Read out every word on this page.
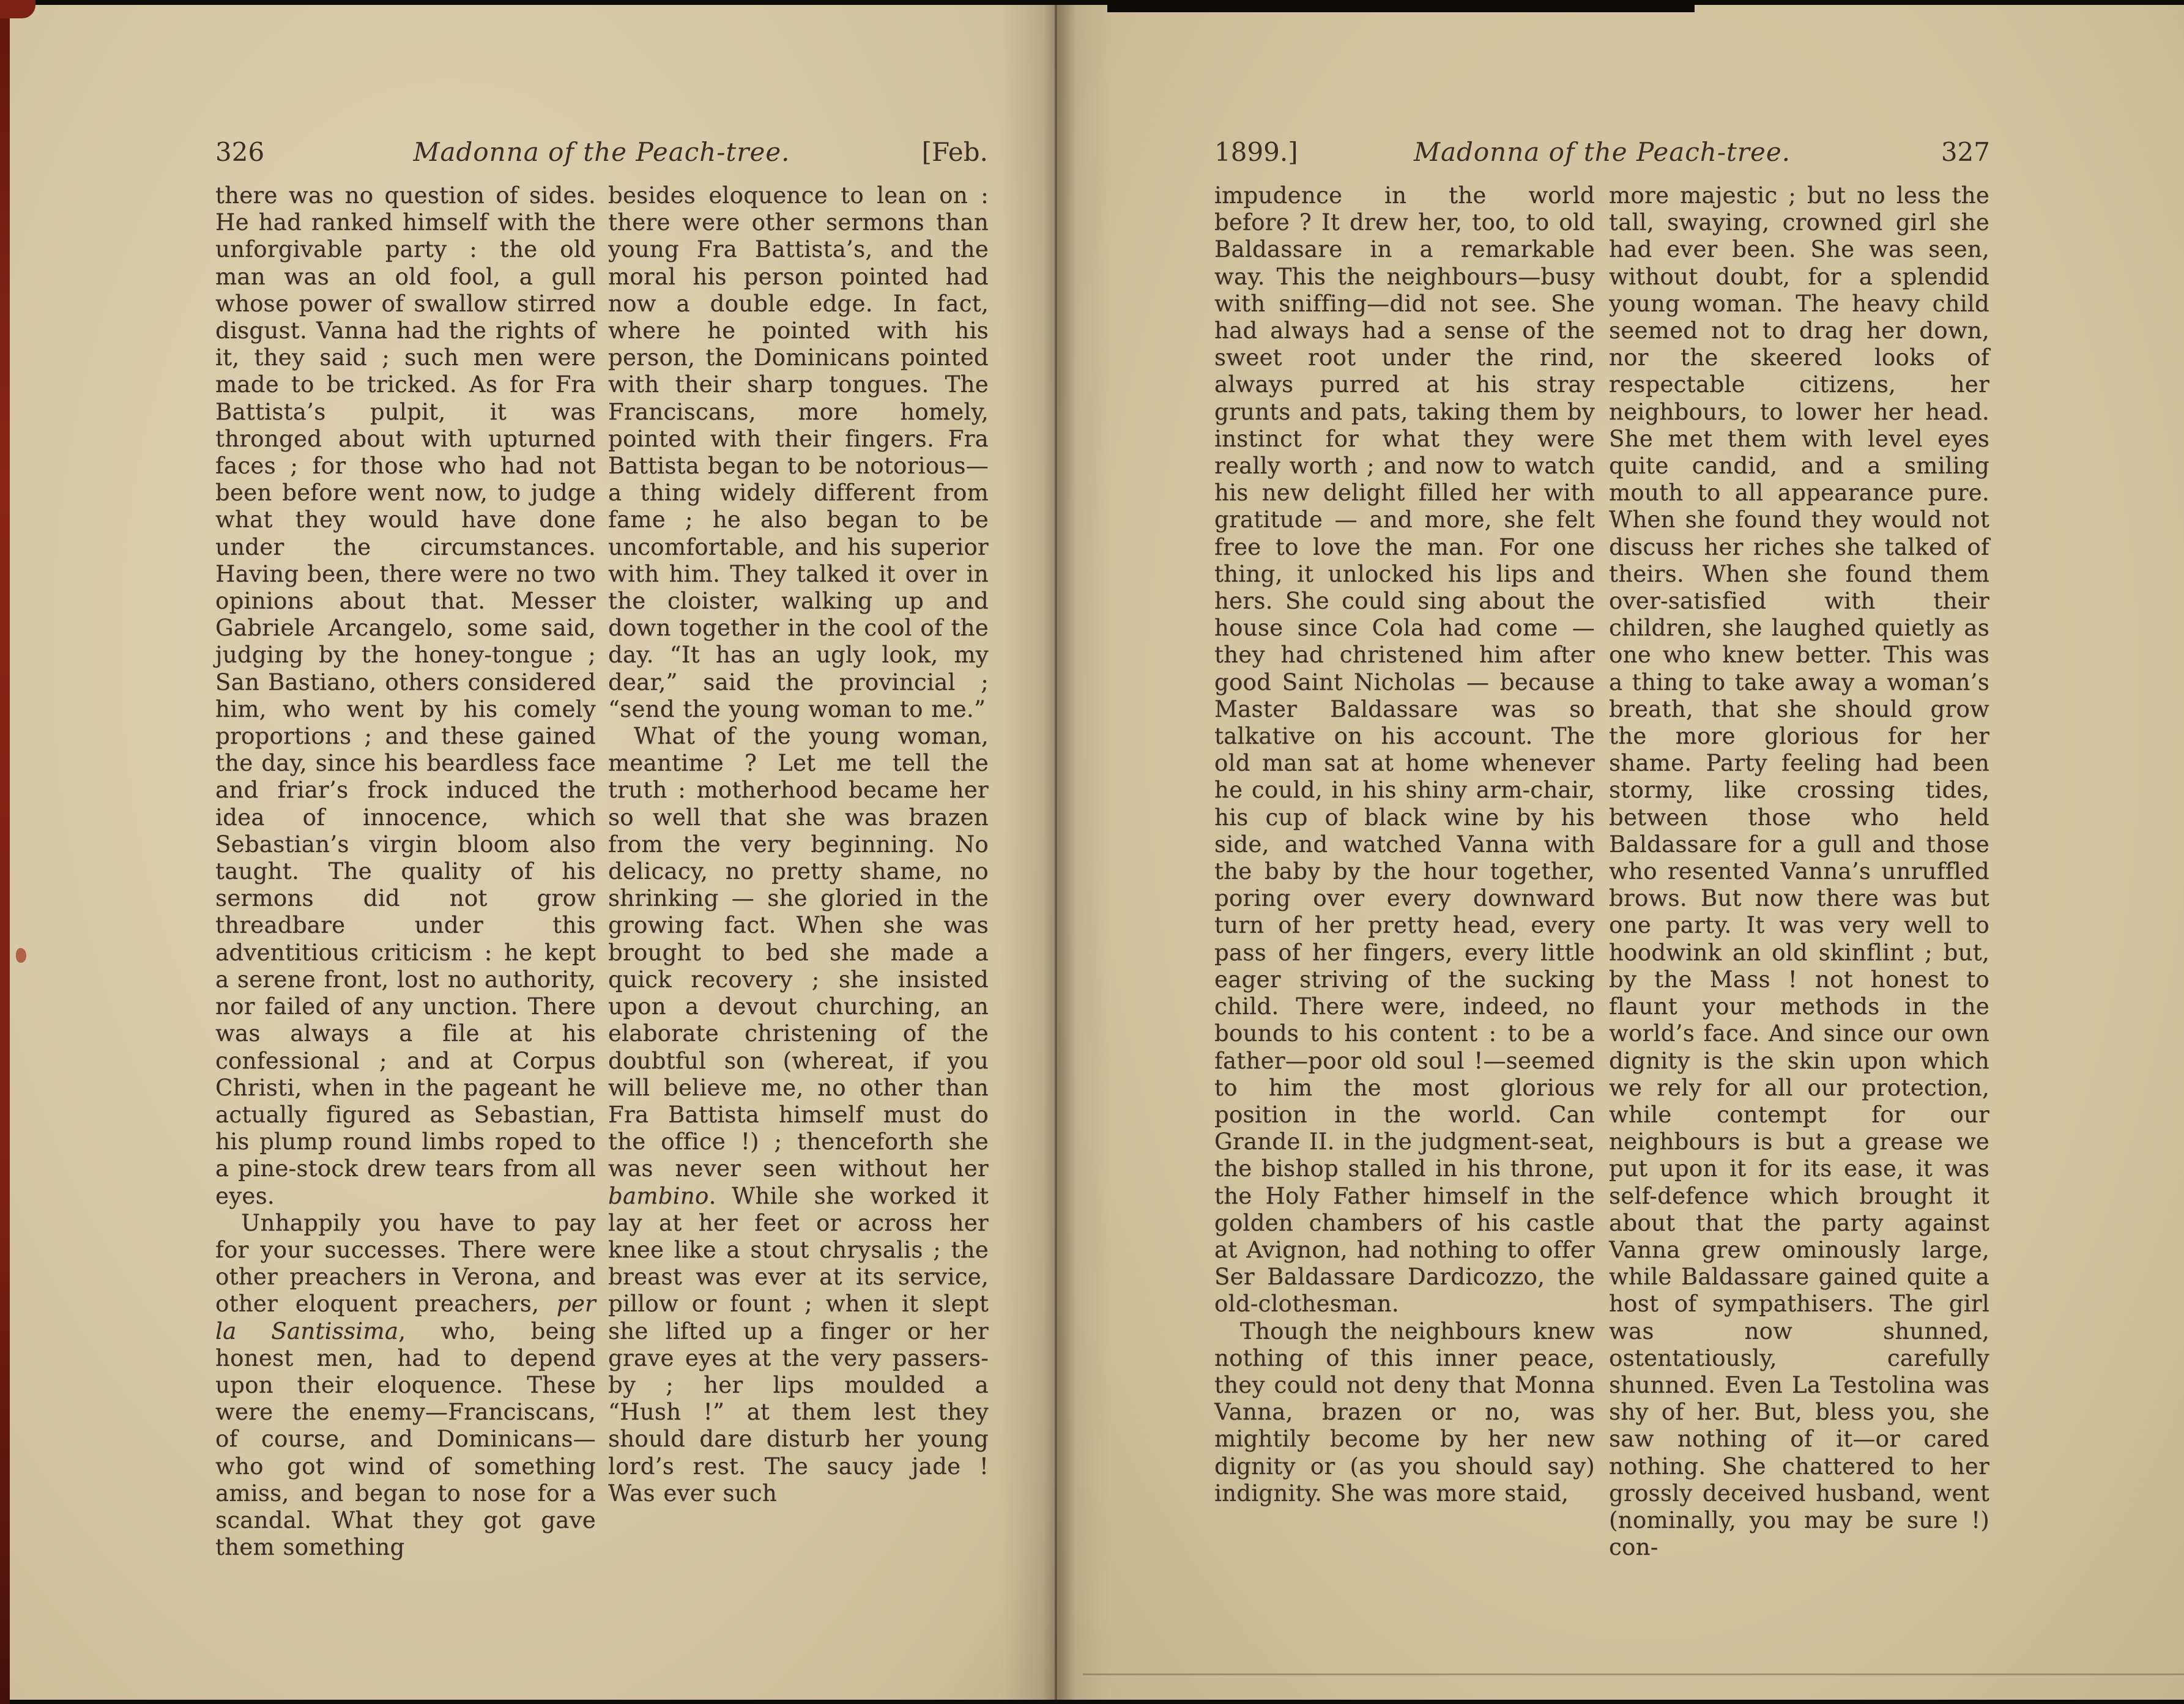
326	Madonna of the Peach-tree.	[Feb.	1899.]	Madonna of the Peach-tree.	327

there was no question of sides. He had ranked himself with the unforgivable party : the old man was an old fool, a gull whose power of swallow stirred disgust. Vanna had the rights of it, they said ; such men were made to be tricked. As for Fra Battista’s pulpit, it was thronged about with upturned faces ; for those who had not been before went now, to judge what they would have done under the circumstances. Having been, there were no two opinions about that. Messer Gabriele Arcangelo, some said, judging by the honey-tongue ; San Bastiano, others considered him, who went by his comely proportions ; and these gained the day, since his beardless face and friar’s frock induced the idea of innocence, which Sebastian’s virgin bloom also taught. The quality of his sermons did not grow threadbare under this adventitious criticism : he kept a serene front, lost no authority, nor failed of any unction. There was always a file at his confessional ; and at Corpus Christi, when in the pageant he actually figured as Sebastian, his plump round limbs roped to a pine-stock drew tears from all eyes.

Unhappily you have to pay for your successes. There were other preachers in Verona, and other eloquent preachers, per la Santissima, who, being honest men, had to depend upon their eloquence. These were the enemy—Franciscans, of course, and Dominicans—who got wind of something amiss, and began to nose for a scandal. What they got gave them something

besides eloquence to lean on : there were other sermons than young Fra Battista’s, and the moral his person pointed had now a double edge. In fact, where he pointed with his person, the Dominicans pointed with their sharp tongues. The Franciscans, more homely, pointed with their fingers. Fra Battista began to be notorious—a thing widely different from fame ; he also began to be uncomfortable, and his superior with him. They talked it over in the cloister, walking up and down together in the cool of the day. “It has an ugly look, my dear,” said the provincial ; “send the young woman to me.”

What of the young woman, meantime ? Let me tell the truth : motherhood became her so well that she was brazen from the very beginning. No delicacy, no pretty shame, no shrinking — she gloried in the growing fact. When she was brought to bed she made a quick recovery ; she insisted upon a devout churching, an elaborate christening of the doubtful son (whereat, if you will believe me, no other than Fra Battista himself must do the office !) ; thenceforth she was never seen without her bambino. While she worked it lay at her feet or across her knee like a stout chrysalis ; the breast was ever at its service, pillow or fount ; when it slept she lifted up a finger or her grave eyes at the very passers-by ; her lips moulded a “Hush !” at them lest they should dare disturb her young lord’s rest. The saucy jade ! Was ever such

impudence in the world before ? It drew her, too, to old Baldassare in a remarkable way. This the neighbours—busy with sniffing—did not see. She had always had a sense of the sweet root under the rind, always purred at his stray grunts and pats, taking them by instinct for what they were really worth ; and now to watch his new delight filled her with gratitude — and more, she felt free to love the man. For one thing, it unlocked his lips and hers. She could sing about the house since Cola had come — they had christened him after good Saint Nicholas — because Master Baldassare was so talkative on his account. The old man sat at home whenever he could, in his shiny arm-chair, his cup of black wine by his side, and watched Vanna with the baby by the hour together, poring over every downward turn of her pretty head, every pass of her fingers, every little eager striving of the sucking child. There were, indeed, no bounds to his content : to be a father—poor old soul !—seemed to him the most glorious position in the world. Can Grande II. in the judgment-seat, the bishop stalled in his throne, the Holy Father himself in the golden chambers of his castle at Avignon, had nothing to offer Ser Baldassare Dardicozzo, the old-clothesman.

Though the neighbours knew nothing of this inner peace, they could not deny that Monna Vanna, brazen or no, was mightily become by her new dignity or (as you should say) indignity. She was more staid,

more majestic ; but no less the tall, swaying, crowned girl she had ever been. She was seen, without doubt, for a splendid young woman. The heavy child seemed not to drag her down, nor the skeered looks of respectable citizens, her neighbours, to lower her head. She met them with level eyes quite candid, and a smiling mouth to all appearance pure. When she found they would not discuss her riches she talked of theirs. When she found them over-satisfied with their children, she laughed quietly as one who knew better. This was a thing to take away a woman’s breath, that she should grow the more glorious for her shame. Party feeling had been stormy, like crossing tides, between those who held Baldassare for a gull and those who resented Vanna’s unruffled brows. But now there was but one party. It was very well to hoodwink an old skinflint ; but, by the Mass ! not honest to flaunt your methods in the world’s face. And since our own dignity is the skin upon which we rely for all our protection, while contempt for our neighbours is but a grease we put upon it for its ease, it was self-defence which brought it about that the party against Vanna grew ominously large, while Baldassare gained quite a host of sympathisers. The girl was now shunned, ostentatiously, carefully shunned. Even La Testolina was shy of her. But, bless you, she saw nothing of it—or cared nothing. She chattered to her grossly deceived husband, went (nominally, you may be sure !) con-
